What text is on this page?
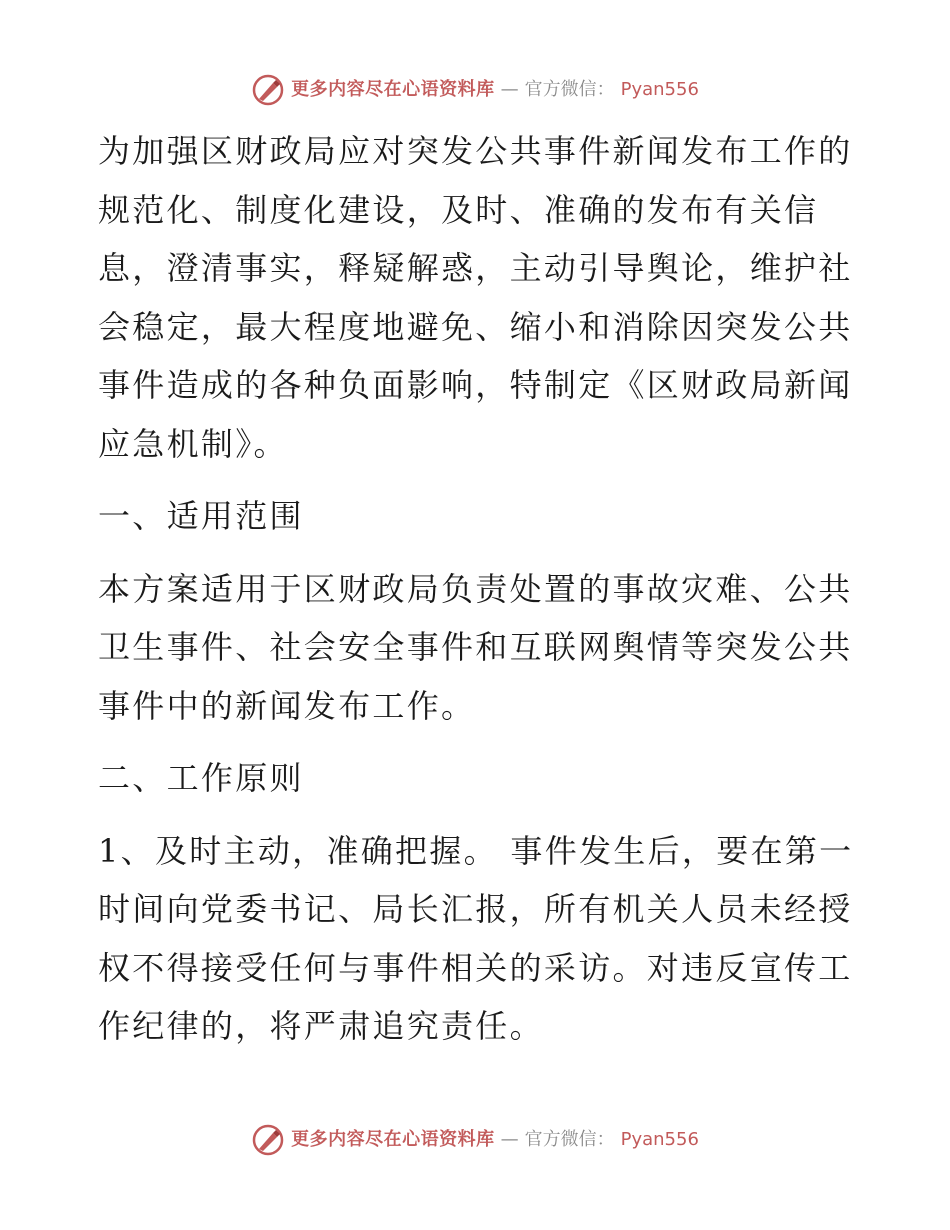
更多内容尽在心语资料库 — 官方微信： Pyan556

为加强区财政局应对突发公共事件新闻发布工作的规范化、制度化建设，及时、准确的发布有关信息，澄清事实，释疑解惑，主动引导舆论，维护社会稳定，最大程度地避免、缩小和消除因突发公共事件造成的各种负面影响，特制定《区财政局新闻应急机制》。

一、适用范围

本方案适用于区财政局负责处置的事故灾难、公共卫生事件、社会安全事件和互联网舆情等突发公共事件中的新闻发布工作。

二、工作原则

1、及时主动，准确把握。 事件发生后，要在第一时间向党委书记、局长汇报，所有机关人员未经授权不得接受任何与事件相关的采访。对违反宣传工作纪律的，将严肃追究责任。

更多内容尽在心语资料库 — 官方微信： Pyan556
